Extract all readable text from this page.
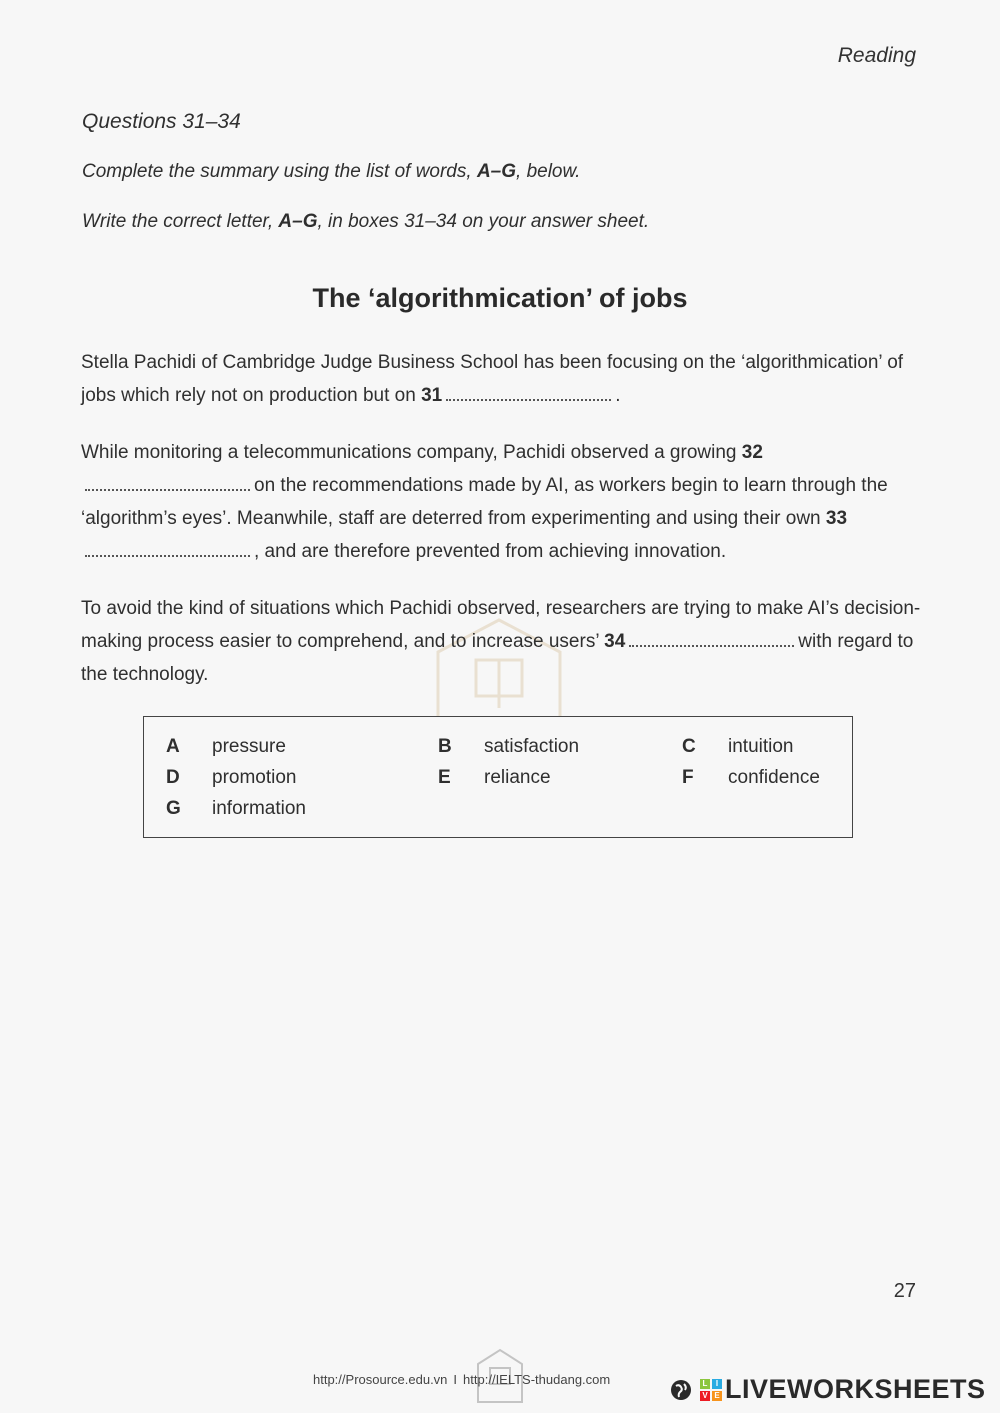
Reading

Questions 31–34

Complete the summary using the list of words, A–G, below.

Write the correct letter, A–G, in boxes 31–34 on your answer sheet.

The ‘algorithmication’ of jobs

Stella Pachidi of Cambridge Judge Business School has been focusing on the ‘algorithmication’ of jobs which rely not on production but on 31	.

While monitoring a telecommunications company, Pachidi observed a growing 32on the recommendations made by AI, as workers begin to learn through the ‘algorithm’s eyes’. Meanwhile, staff are deterred from experimenting and using their own 33, and are therefore prevented from achieving innovation.

To avoid the kind of situations which Pachidi observed, researchers are trying to make AI’s decision-making process easier to comprehend, and to increase users’ 34	with regard to the technology.

A pressure	B satisfaction	C intuition
D promotion	E reliance	F confidence
G information
27
http://Prosource.edu.vn I http://IELTS-thudang.com	L	I
V E LIVEWORKSHEETS
